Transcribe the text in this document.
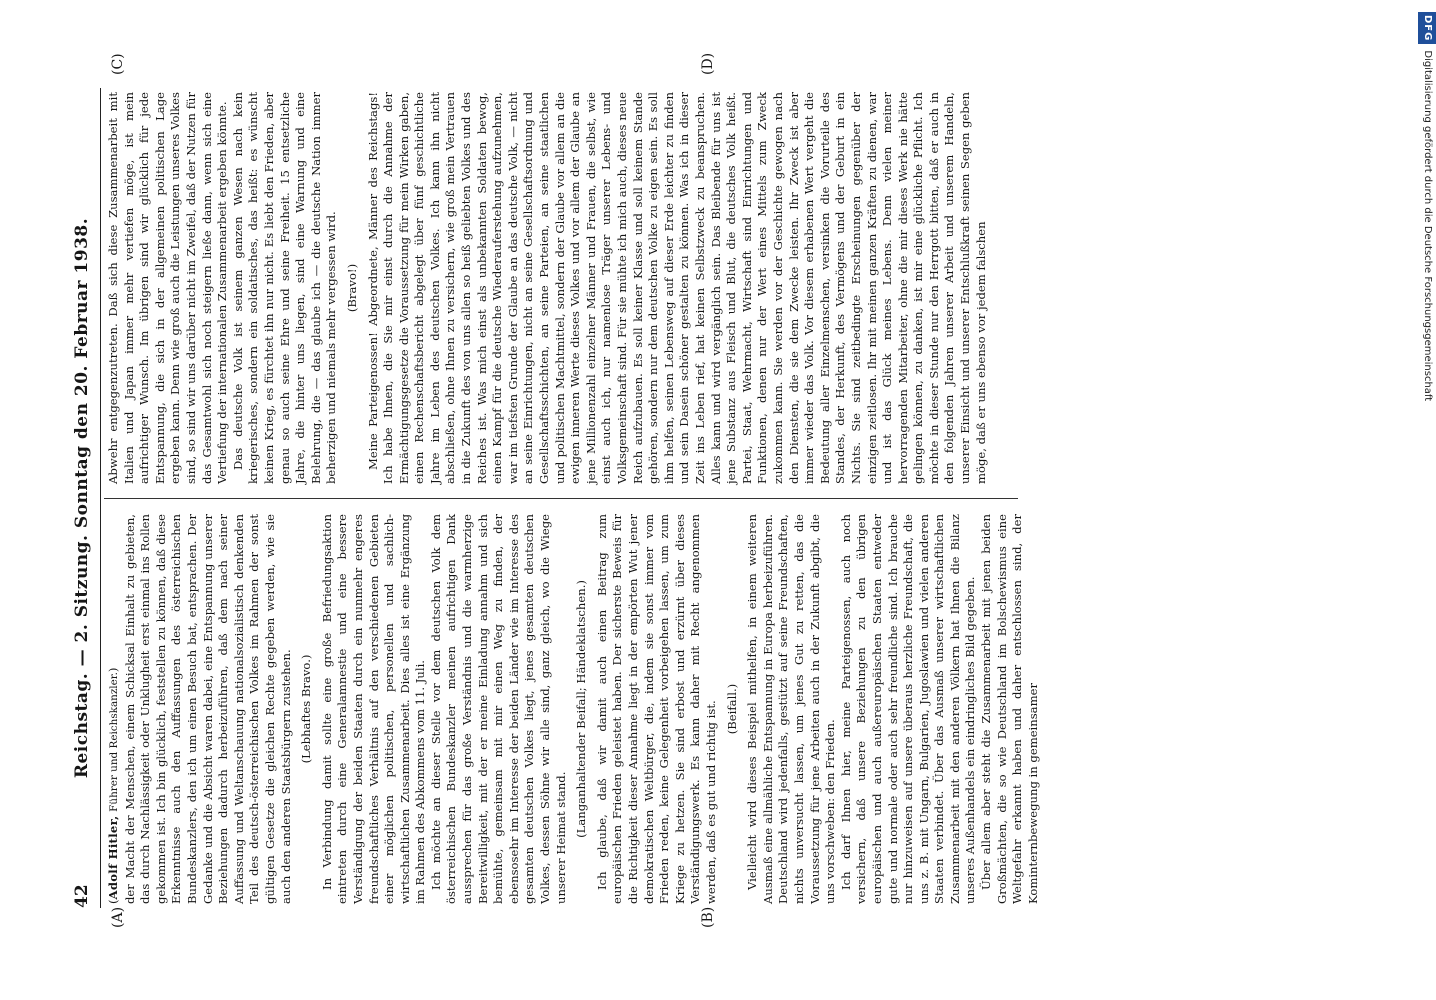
42
Reichstag. — 2. Sitzung. Sonntag den 20. Februar 1938.
(A)	(B)
(C)	(D)

(Adolf Hitler, Führer und Reichskanzler.) der Macht der Menschen, einem Schicksal Einhalt zu gebieten, das durch Nachlässigkeit oder Unklugheit erst einmal ins Rollen gekommen ist. Ich bin glücklich, feststellen zu können, daß diese Erkenntnisse auch den Auffassungen des österreichischen Bundeskanzlers, den ich um einen Besuch bat, entsprachen. Der Gedanke und die Absicht waren dabei, eine Entspannung unserer Beziehungen dadurch herbeizuführen, daß dem nach seiner Auffassung und Weltanschauung nationalsozialistisch denkenden Teil des deutsch-österreichischen Volkes im Rahmen der sonst gültigen Gesetze die gleichen Rechte gegeben werden, wie sie auch den anderen Staatsbürgern zustehen. (Lebhaftes Bravo.) In Verbindung damit sollte eine große Befriedungsaktion eintreten durch eine Generalamnestie und eine bessere Verständigung der beiden Staaten durch ein nunmehr engeres freundschaftliches Verhältnis auf den verschiedenen Gebieten einer möglichen politischen, personellen und sachlich-wirtschaftlichen Zusammenarbeit. Dies alles ist eine Ergänzung im Rahmen des Abkommens vom 11. Juli. Ich möchte an dieser Stelle vor dem deutschen Volk dem österreichischen Bundeskanzler meinen aufrichtigen Dank aussprechen für das große Verständnis und die warmherzige Bereitwilligkeit, mit der er meine Einladung annahm und sich bemühte, gemeinsam mit mir einen Weg zu finden, der ebensosehr im Interesse der beiden Länder wie im Interesse des gesamten deutschen Volkes liegt, jenes gesamten deutschen Volkes, dessen Söhne wir alle sind, ganz gleich, wo die Wiege unserer Heimat stand. (Langanhaltender Beifall; Händeklatschen.) Ich glaube, daß wir damit auch einen Beitrag zum europäischen Frieden geleistet haben. Der sicherste Beweis für die Richtigkeit dieser Annahme liegt in der empörten Wut jener demokratischen Weltbürger, die, indem sie sonst immer vom Frieden reden, keine Gelegenheit vorbeigehen lassen, um zum Kriege zu hetzen. Sie sind erbost und erzürnt über dieses Verständigungswerk. Es kann daher mit Recht angenommen werden, daß es gut und richtig ist. (Beifall.) Vielleicht wird dieses Beispiel mithelfen, in einem weiteren Ausmaß eine allmähliche Entspannung in Europa herbeizuführen. Deutschland wird jedenfalls, gestützt auf seine Freundschaften, nichts unversucht lassen, um jenes Gut zu retten, das die Voraussetzung für jene Arbeiten auch in der Zukunft abgibt, die uns vorschweben: den Frieden. Ich darf Ihnen hier, meine Parteigenossen, auch noch versichern, daß unsere Beziehungen zu den übrigen europäischen und auch außereuropäischen Staaten entweder gute und normale oder auch sehr freundliche sind. Ich brauche nur hinzuweisen auf unsere überaus herzliche Freundschaft, die uns z. B. mit Ungarn, Bulgarien, Jugoslawien und vielen anderen Staaten verbindet. Über das Ausmaß unserer wirtschaftlichen Zusammenarbeit mit den anderen Völkern hat Ihnen die Bilanz unseres Außenhandels ein eindringliches Bild gegeben. Über allem aber steht die Zusammenarbeit mit jenen beiden Großmächten, die so wie Deutschland im Bolschewismus eine Weltgefahr erkannt haben und daher entschlossen sind, der Kominternbewegung in gemeinsamer

Abwehr entgegenzutreten. Daß sich diese Zusammenarbeit mit Italien und Japan immer mehr vertiefen möge, ist mein aufrichtiger Wunsch. Im übrigen sind wir glücklich für jede Entspannung, die sich in der allgemeinen politischen Lage ergeben kann. Denn wie groß auch die Leistungen unseres Volkes sind, so sind wir uns darüber nicht im Zweifel, daß der Nutzen für das Gesamtwohl sich noch steigern ließe dann, wenn sich eine Vertiefung der internationalen Zusammenarbeit ergeben könnte. Das deutsche Volk ist seinem ganzen Wesen nach kein kriegerisches, sondern ein soldatisches, das heißt: es wünscht keinen Krieg, es fürchtet ihn nur nicht. Es liebt den Frieden, aber genau so auch seine Ehre und seine Freiheit. 15 entsetzliche Jahre, die hinter uns liegen, sind eine Warnung und eine Belehrung, die — das glaube ich — die deutsche Nation immer beherzigen und niemals mehr vergessen wird. (Bravo!) Meine Parteigenossen! Abgeordnete, Männer des Reichstags! Ich habe Ihnen, die Sie mir einst durch die Annahme der Ermächtigungsgesetze die Voraussetzung für mein Wirken gaben, einen Rechenschaftsbericht abgelegt über fünf geschichtliche Jahre im Leben des deutschen Volkes. Ich kann ihn nicht abschließen, ohne Ihnen zu versichern, wie groß mein Vertrauen in die Zukunft des von uns allen so heiß geliebten Volkes und des Reiches ist. Was mich einst als unbekannten Soldaten bewog, einen Kampf für die deutsche Wiederauferstehung aufzunehmen, war im tiefsten Grunde der Glaube an das deutsche Volk, — nicht an seine Einrichtungen, nicht an seine Gesellschaftsordnung und Gesellschaftsschichten, an seine Parteien, an seine staatlichen und politischen Machtmittel, sondern der Glaube vor allem an die ewigen inneren Werte dieses Volkes und vor allem der Glaube an jene Millionenzahl einzelner Männer und Frauen, die selbst, wie einst auch ich, nur namenlose Träger unserer Lebens- und Volksgemeinschaft sind. Für sie mühte ich mich auch, dieses neue Reich aufzubauen. Es soll keiner Klasse und soll keinem Stande gehören, sondern nur dem deutschen Volke zu eigen sein. Es soll ihm helfen, seinen Lebensweg auf dieser Erde leichter zu finden und sein Dasein schöner gestalten zu können. Was ich in dieser Zeit ins Leben rief, hat keinen Selbstzweck zu beanspruchen. Alles kann und wird vergänglich sein. Das Bleibende für uns ist jene Substanz aus Fleisch und Blut, die deutsches Volk heißt. Partei, Staat, Wehrmacht, Wirtschaft sind Einrichtungen und Funktionen, denen nur der Wert eines Mittels zum Zweck zukommen kann. Sie werden vor der Geschichte gewogen nach den Diensten, die sie dem Zwecke leisten. Ihr Zweck ist aber immer wieder das Volk. Vor diesem erhabenen Wert vergeht die Bedeutung aller Einzelmenschen, versinken die Vorurteile des Standes, der Herkunft, des Vermögens und der Geburt in ein Nichts. Sie sind zeitbedingte Erscheinungen gegenüber der einzigen zeitlosen. Ihr mit meinen ganzen Kräften zu dienen, war und ist das Glück meines Lebens. Denn vielen meiner hervorragenden Mitarbeiter, ohne die mir dieses Werk nie hätte gelingen können, zu danken, ist mir eine glückliche Pflicht. Ich möchte in dieser Stunde nur den Herrgott bitten, daß er auch in den folgenden Jahren unserer Arbeit und unserem Handeln, unserer Einsicht und unserer Entschlußkraft seinen Segen geben möge, daß er uns ebenso vor jedem falschen

DFGDigitalisierung gefördert durch die Deutsche Forschungsgemeinschaft
